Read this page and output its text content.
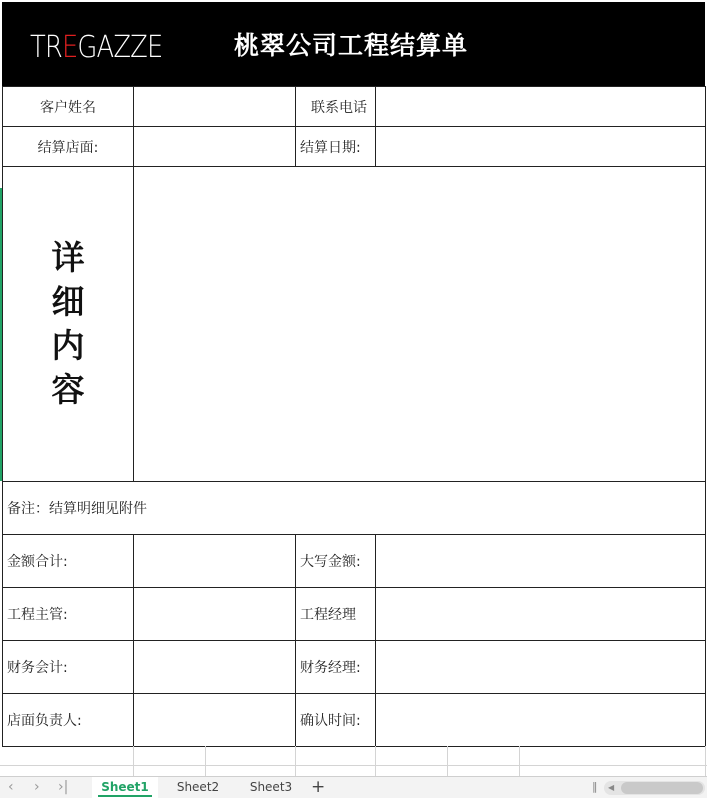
TREGAZZE	桃翠公司工程结算单
客户姓名	联系电话
结算店面:	结算日期:
详细内容
备注：结算明细见附件
金额合计:	大写金额:
工程主管:	工程经理
财务会计:	财务经理:
店面负责人:	确认时间:
‹ › ›|	Sheet1	Sheet2	Sheet3	+	‖ ◀
